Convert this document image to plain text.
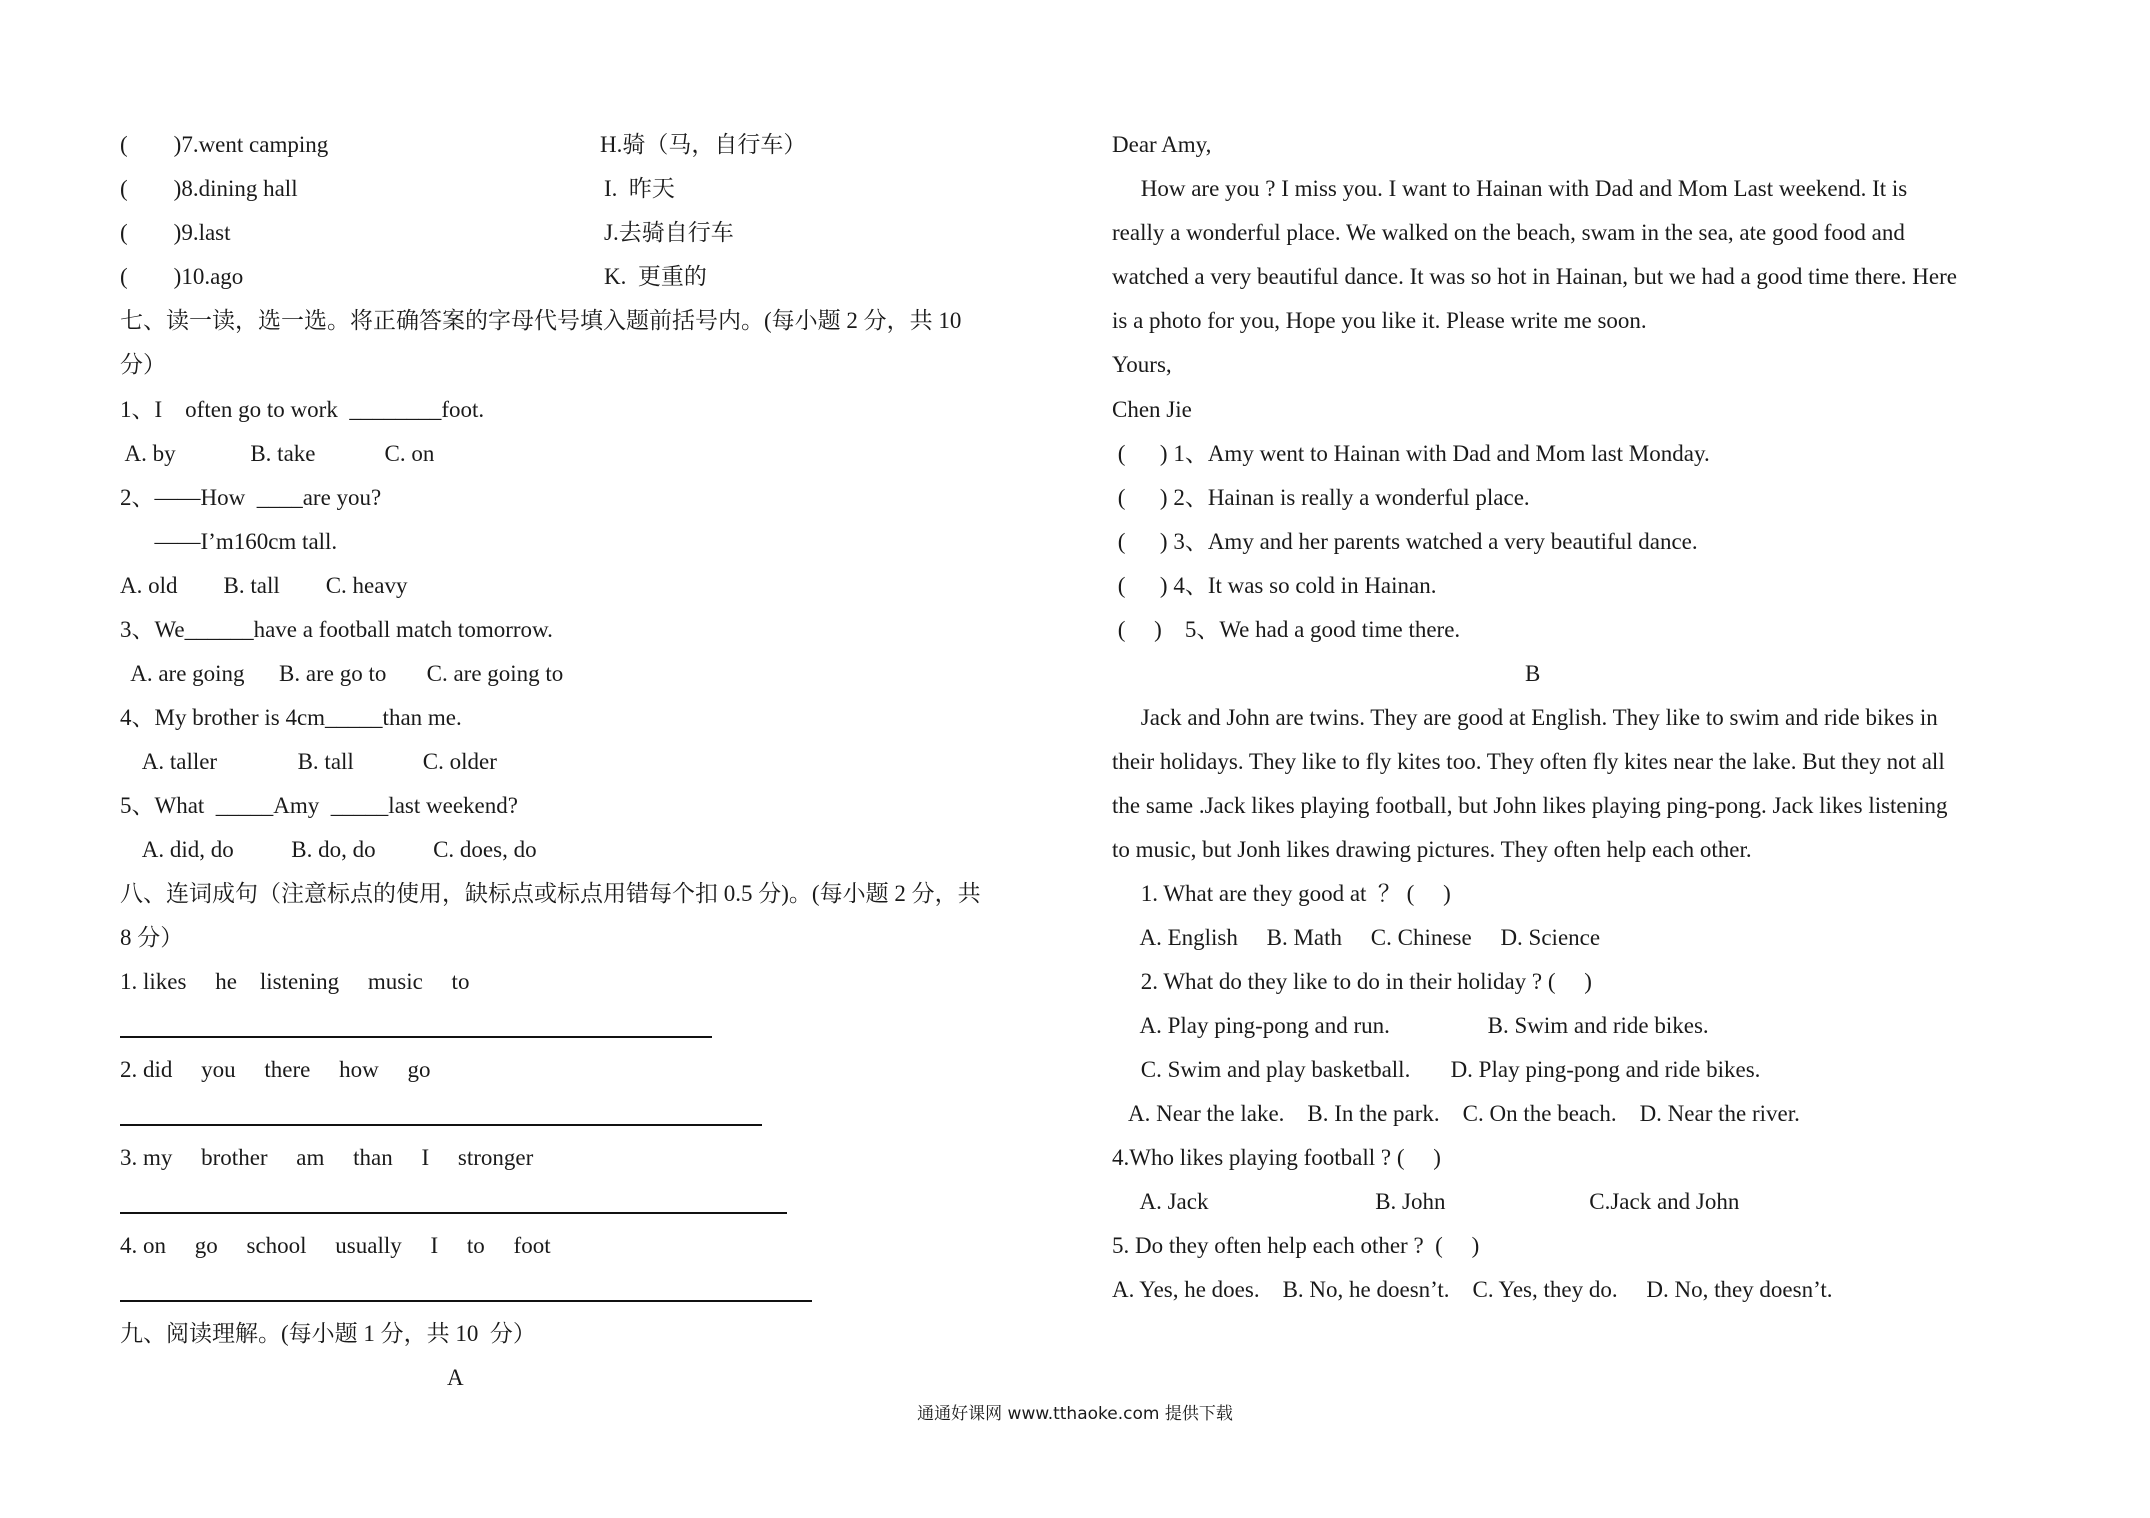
(        )7.went camping	H.骑（马，自行车）
(        )8.dining hall	I.  昨天
(        )9.last	J.去骑自行车
(        )10.ago	K.  更重的
七、读一读，选一选。将正确答案的字母代号填入题前括号内。(每小题 2 分，共 10
分）
1、I    often go to work  ________foot.
A. by             B. take            C. on
2、——How  ____are you?
——I’m160cm tall.
A. old        B. tall        C. heavy
3、We______have a football match tomorrow.
A. are going      B. are go to       C. are going to
4、My brother is 4cm_____than me.
A. taller              B. tall            C. older
5、What  _____Amy  _____last weekend?
A. did, do          B. do, do          C. does, do
八、连词成句（注意标点的使用，缺标点或标点用错每个扣 0.5 分)。(每小题 2 分，共
8 分）
1. likes     he    listening     music     to
2. did     you     there     how     go
3. my     brother     am     than     I     stronger
4. on     go     school     usually     I     to     foot
九、阅读理解。(每小题 1 分，共 10  分）
A
Dear Amy,
How are you ? I miss you. I want to Hainan with Dad and Mom Last weekend. It is
really a wonderful place. We walked on the beach, swam in the sea, ate good food and
watched a very beautiful dance. It was so hot in Hainan, but we had a good time there. Here
is a photo for you, Hope you like it. Please write me soon.
Yours,
Chen Jie
(      ) 1、Amy went to Hainan with Dad and Mom last Monday.
(      ) 2、Hainan is really a wonderful place.
(      ) 3、Amy and her parents watched a very beautiful dance.
(      ) 4、It was so cold in Hainan.
(     )    5、We had a good time there.
B
Jack and John are twins. They are good at English. They like to swim and ride bikes in
their holidays. They like to fly kites too. They often fly kites near the lake. But they not all
the same .Jack likes playing football, but John likes playing ping-pong. Jack likes listening
to music, but Jonh likes drawing pictures. They often help each other.
1. What are they good at  ？ (     )
A. English     B. Math     C. Chinese     D. Science
2. What do they like to do in their holiday ? (     )
A. Play ping-pong and run.                 B. Swim and ride bikes.
C. Swim and play basketball.       D. Play ping-pong and ride bikes.
A. Near the lake.    B. In the park.    C. On the beach.    D. Near the river.
4.Who likes playing football ? (     )
A. Jack                             B. John                         C.Jack and John
5. Do they often help each other ?  (     )
A. Yes, he does.    B. No, he doesn’t.    C. Yes, they do.     D. No, they doesn’t.
通通好课网 www.tthaoke.com 提供下载
